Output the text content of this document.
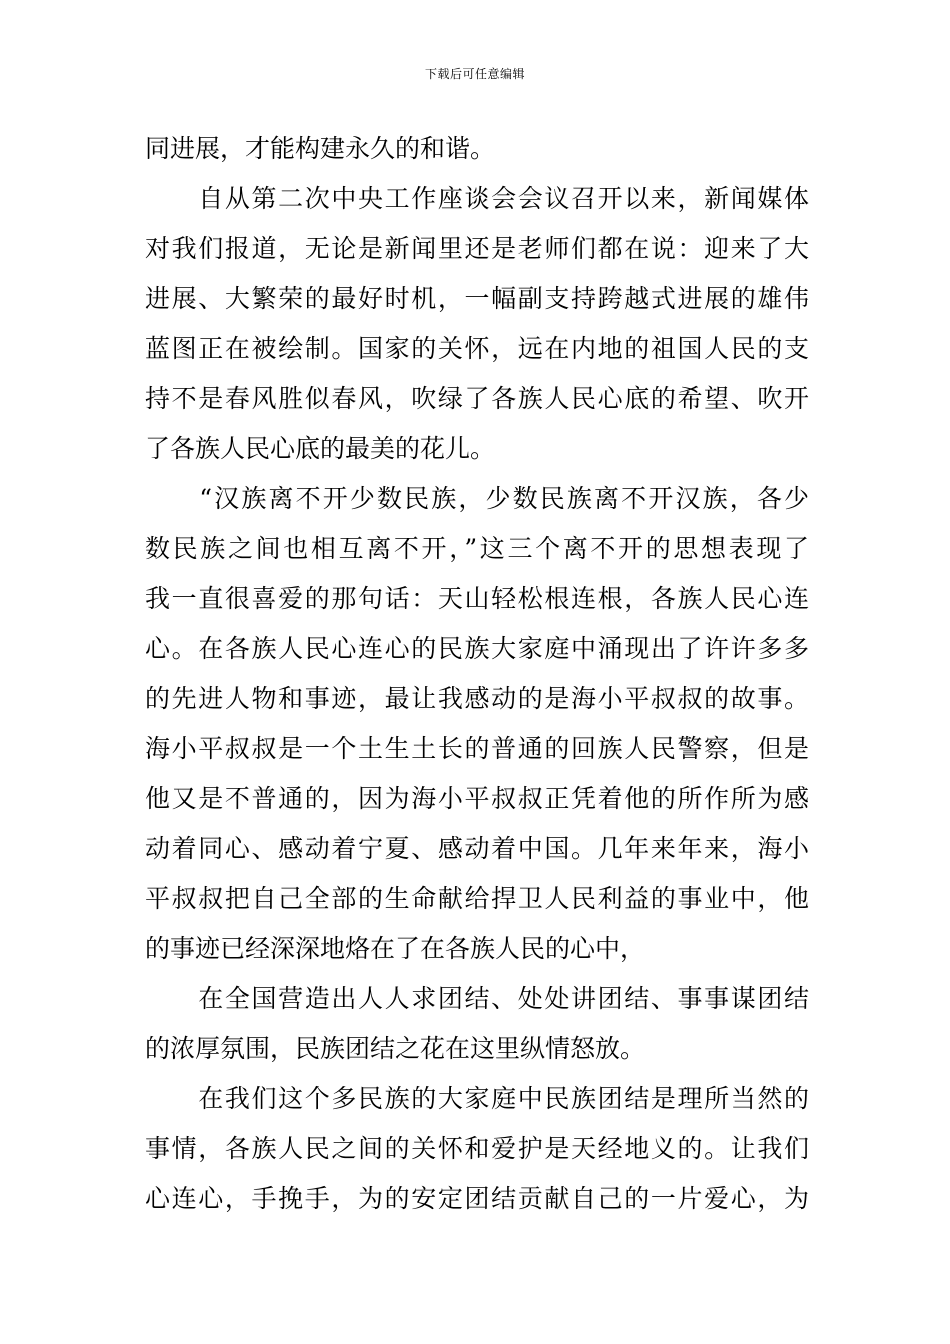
下载后可任意编辑
同进展，才能构建永久的和谐。
　　自从第二次中央工作座谈会会议召开以来，新闻媒体
对我们报道，无论是新闻里还是老师们都在说：迎来了大
进展、大繁荣的最好时机，一幅副支持跨越式进展的雄伟
蓝图正在被绘制。国家的关怀，远在内地的祖国人民的支
持不是春风胜似春风，吹绿了各族人民心底的希望、吹开
了各族人民心底的最美的花儿。
　　“汉族离不开少数民族，少数民族离不开汉族，各少
数民族之间也相互离不开，”这三个离不开的思想表现了
我一直很喜爱的那句话：天山轻松根连根，各族人民心连
心。在各族人民心连心的民族大家庭中涌现出了许许多多
的先进人物和事迹，最让我感动的是海小平叔叔的故事。
海小平叔叔是一个土生土长的普通的回族人民警察，但是
他又是不普通的，因为海小平叔叔正凭着他的所作所为感
动着同心、感动着宁夏、感动着中国。几年来年来，海小
平叔叔把自己全部的生命献给捍卫人民利益的事业中，他
的事迹已经深深地烙在了在各族人民的心中，
　　在全国营造出人人求团结、处处讲团结、事事谋团结
的浓厚氛围，民族团结之花在这里纵情怒放。
　　在我们这个多民族的大家庭中民族团结是理所当然的
事情，各族人民之间的关怀和爱护是天经地义的。让我们
心连心，手挽手，为的安定团结贡献自己的一片爱心，为
